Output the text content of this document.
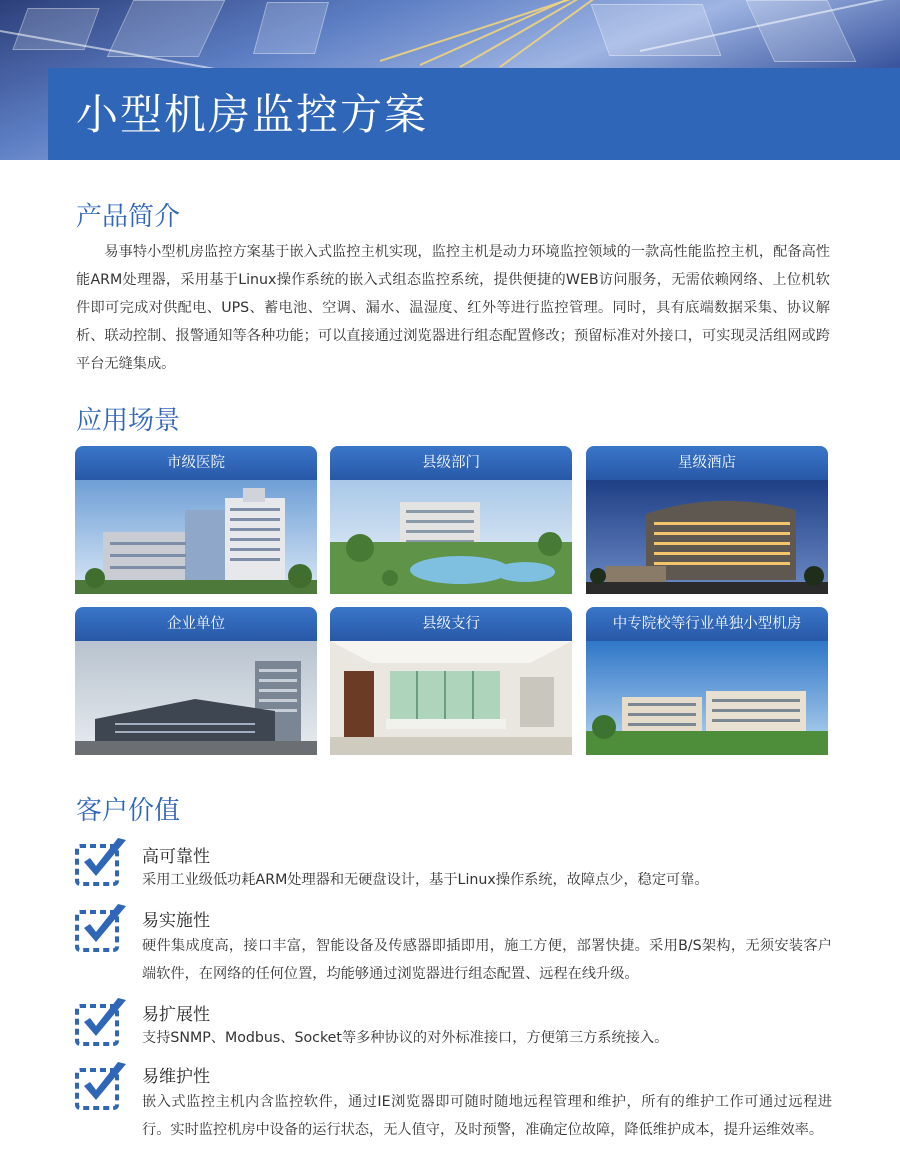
小型机房监控方案
产品简介
易事特小型机房监控方案基于嵌入式监控主机实现，监控主机是动力环境监控领域的一款高性能监控主机，配备高性能ARM处理器，采用基于Linux操作系统的嵌入式组态监控系统，提供便捷的WEB访问服务，无需依赖网络、上位机软件即可完成对供配电、UPS、蓄电池、空调、漏水、温湿度、红外等进行监控管理。同时，具有底端数据采集、协议解析、联动控制、报警通知等各种功能；可以直接通过浏览器进行组态配置修改；预留标准对外接口，可实现灵活组网或跨平台无缝集成。
应用场景
市级医院	县级部门	星级酒店
企业单位	县级支行	中专院校等行业单独小型机房
客户价值
高可靠性
采用工业级低功耗ARM处理器和无硬盘设计，基于Linux操作系统，故障点少，稳定可靠。
易实施性
硬件集成度高，接口丰富，智能设备及传感器即插即用，施工方便，部署快捷。采用B/S架构，无须安装客户端软件，在网络的任何位置，均能够通过浏览器进行组态配置、远程在线升级。
易扩展性
支持SNMP、Modbus、Socket等多种协议的对外标准接口，方便第三方系统接入。
易维护性
嵌入式监控主机内含监控软件，通过IE浏览器即可随时随地远程管理和维护，所有的维护工作可通过远程进行。实时监控机房中设备的运行状态，无人值守，及时预警，准确定位故障，降低维护成本，提升运维效率。
